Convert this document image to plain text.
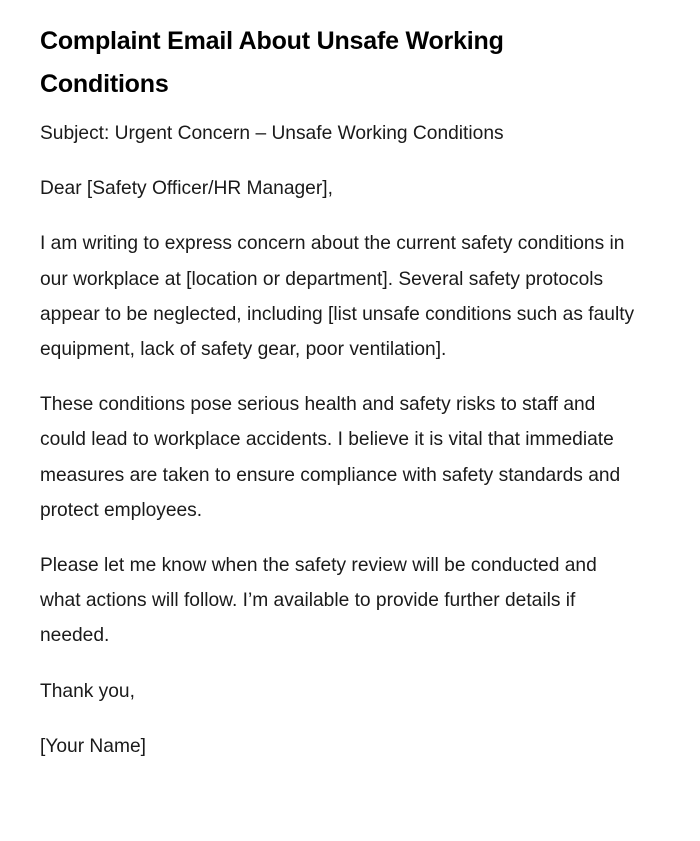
Complaint Email About Unsafe Working Conditions

Subject: Urgent Concern – Unsafe Working Conditions

Dear [Safety Officer/HR Manager],

I am writing to express concern about the current safety conditions in our workplace at [location or department]. Several safety protocols appear to be neglected, including [list unsafe conditions such as faulty equipment, lack of safety gear, poor ventilation].

These conditions pose serious health and safety risks to staff and could lead to workplace accidents. I believe it is vital that immediate measures are taken to ensure compliance with safety standards and protect employees.

Please let me know when the safety review will be conducted and what actions will follow. I’m available to provide further details if needed.

Thank you,

[Your Name]
